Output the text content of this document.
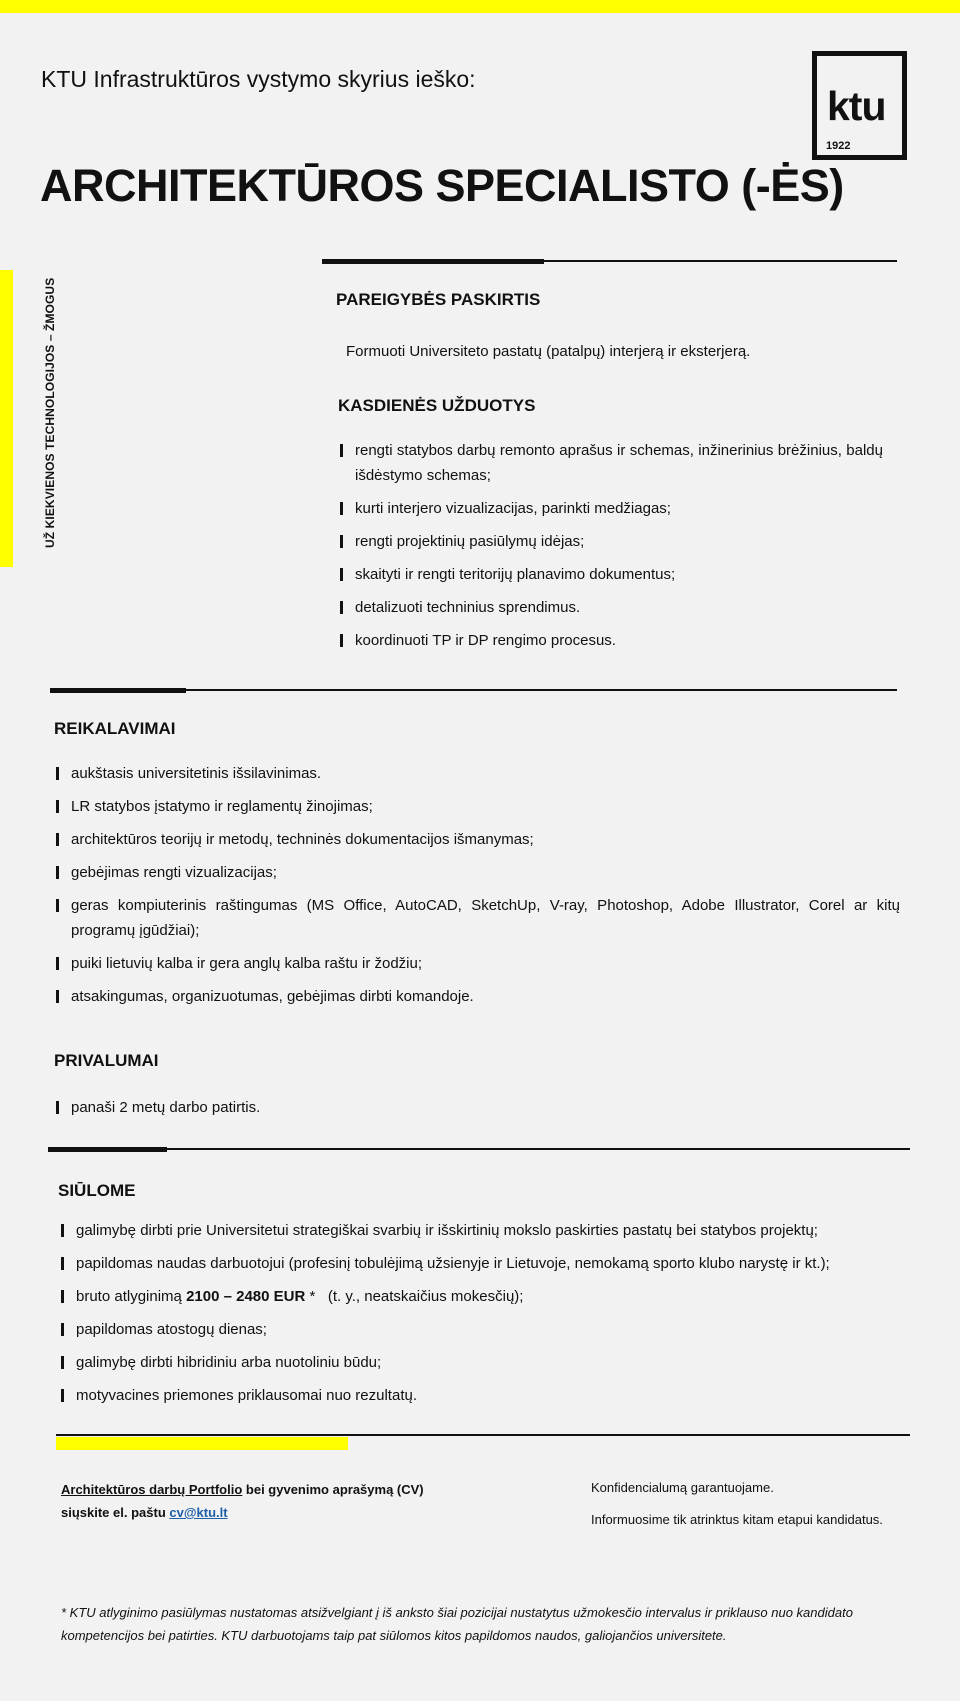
UŽ KIEKVIENOS TECHNOLOGIJOS – ŽMOGUS
KTU Infrastruktūros vystymo skyrius ieško:
ARCHITEKTŪROS SPECIALISTO (-ĖS)
ktu
1922
PAREIGYBĖS PASKIRTIS
Formuoti Universiteto pastatų (patalpų) interjerą ir eksterjerą.
KASDIENĖS UŽDUOTYS
rengti statybos darbų remonto aprašus ir schemas, inžinerinius brėžinius, baldų išdėstymo schemas;
kurti interjero vizualizacijas, parinkti medžiagas;
rengti projektinių pasiūlymų idėjas;
skaityti ir rengti teritorijų planavimo dokumentus;
detalizuoti techninius sprendimus.
koordinuoti TP ir DP rengimo procesus.
REIKALAVIMAI
aukštasis universitetinis išsilavinimas.
LR statybos įstatymo ir reglamentų žinojimas;
architektūros teorijų ir metodų, techninės dokumentacijos išmanymas;
gebėjimas rengti vizualizacijas;
geras kompiuterinis raštingumas (MS Office, AutoCAD, SketchUp, V-ray, Photoshop, Adobe Illustrator, Corel ar kitų programų įgūdžiai);
puiki lietuvių kalba ir gera anglų kalba raštu ir žodžiu;
atsakingumas, organizuotumas, gebėjimas dirbti komandoje.
PRIVALUMAI
panaši 2 metų darbo patirtis.
SIŪLOME
galimybę dirbti prie Universitetui strategiškai svarbių ir išskirtinių mokslo paskirties pastatų bei statybos projektų;
papildomas naudas darbuotojui (profesinį tobulėjimą užsienyje ir Lietuvoje, nemokamą sporto klubo narystę ir kt.);
bruto atlyginimą 2100 – 2480 EUR *   (t. y., neatskaičius mokesčių);
papildomas atostogų dienas;
galimybę dirbti hibridiniu arba nuotoliniu būdu;
motyvacines priemones priklausomai nuo rezultatų.
Architektūros darbų Portfolio bei gyvenimo aprašymą (CV)
siųskite el. paštu cv@ktu.lt
Konfidencialumą garantuojame.
Informuosime tik atrinktus kitam etapui kandidatus.
* KTU atlyginimo pasiūlymas nustatomas atsižvelgiant į iš anksto šiai pozicijai nustatytus užmokesčio intervalus ir priklauso nuo kandidato kompetencijos bei patirties. KTU darbuotojams taip pat siūlomos kitos papildomos naudos, galiojančios universitete.
